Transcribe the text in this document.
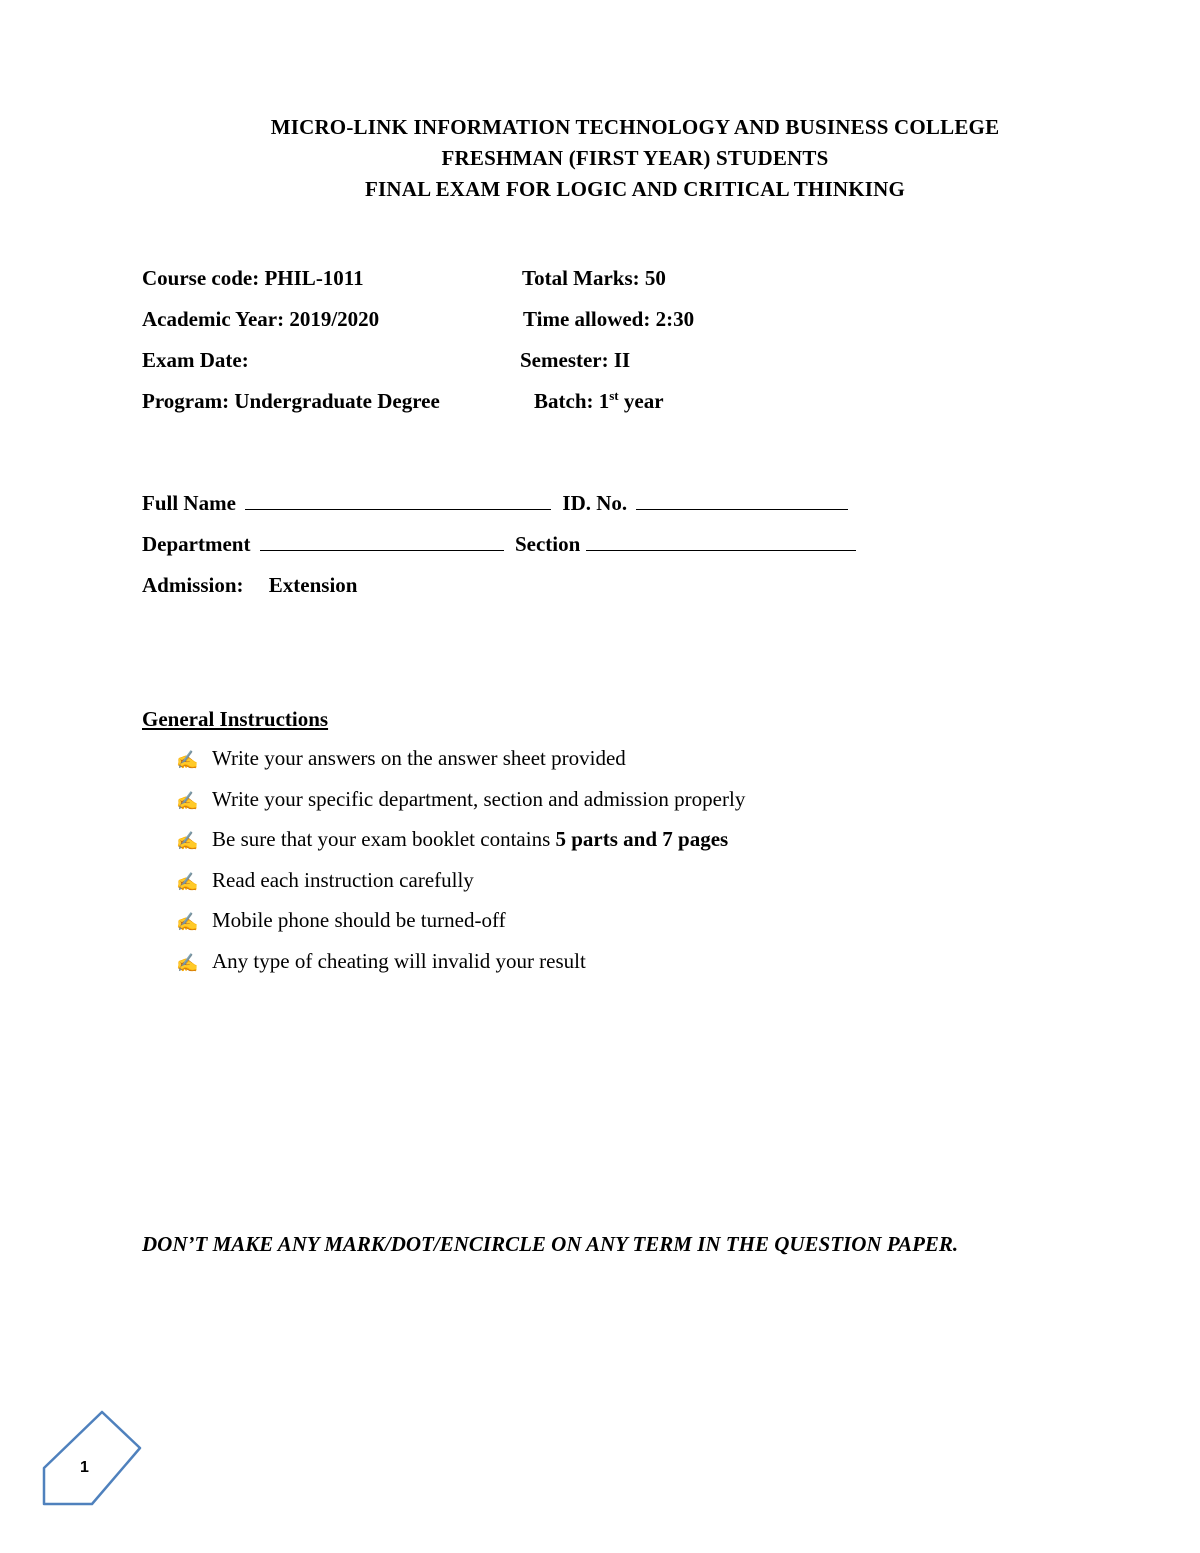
MICRO-LINK INFORMATION TECHNOLOGY AND BUSINESS COLLEGE
FRESHMAN (FIRST YEAR) STUDENTS
FINAL EXAM FOR LOGIC AND CRITICAL THINKING
Course code: PHIL-1011	Total Marks: 50
Academic Year: 2019/2020	Time allowed: 2:30
Exam Date:	Semester: II
Program: Undergraduate Degree	Batch: 1st year
Full Name	ID. No.
Department	Section
Admission: Extension
General Instructions
✍ Write your answers on the answer sheet provided
✍ Write your specific department, section and admission properly
✍ Be sure that your exam booklet contains 5 parts and 7 pages
✍ Read each instruction carefully
✍ Mobile phone should be turned-off
✍ Any type of cheating will invalid your result
DON’T MAKE ANY MARK/DOT/ENCIRCLE ON ANY TERM IN THE QUESTION PAPER.
1
